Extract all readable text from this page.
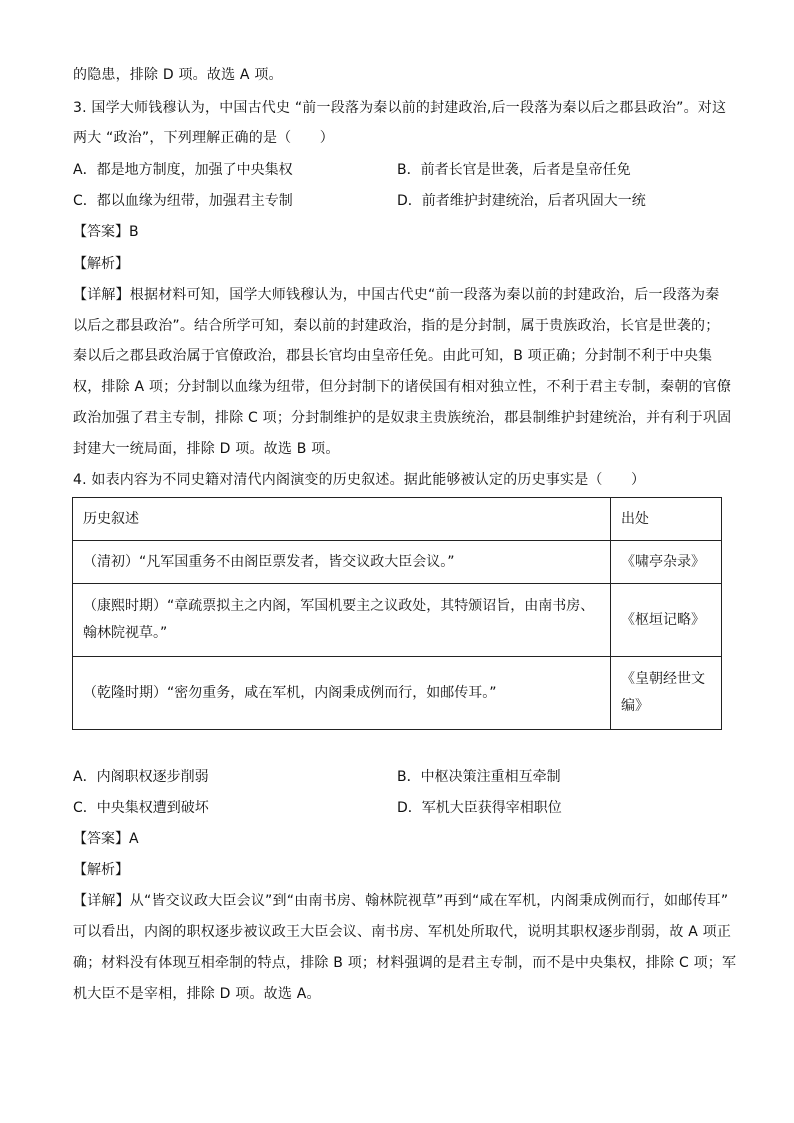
的隐患，排除 D 项。故选 A 项。
3. 国学大师钱穆认为，中国古代史 “前一段落为秦以前的封建政治,后一段落为秦以后之郡县政治”。对这
两大 “政治”，下列理解正确的是（　　）
A．都是地方制度，加强了中央集权	B．前者长官是世袭，后者是皇帝任免
C．都以血缘为纽带，加强君主专制	D．前者维护封建统治，后者巩固大一统
【答案】B
【解析】
【详解】根据材料可知，国学大师钱穆认为，中国古代史“前一段落为秦以前的封建政治，后一段落为秦
以后之郡县政治”。结合所学可知，秦以前的封建政治，指的是分封制，属于贵族政治，长官是世袭的；
秦以后之郡县政治属于官僚政治，郡县长官均由皇帝任免。由此可知，B 项正确；分封制不利于中央集
权，排除 A 项；分封制以血缘为纽带，但分封制下的诸侯国有相对独立性，不利于君主专制，秦朝的官僚
政治加强了君主专制，排除 C 项；分封制维护的是奴隶主贵族统治，郡县制维护封建统治，并有利于巩固
封建大一统局面，排除 D 项。故选 B 项。
4. 如表内容为不同史籍对清代内阁演变的历史叙述。据此能够被认定的历史事实是（　　）
历史叙述	出处
（清初）“凡军国重务不由阁臣票发者，皆交议政大臣会议。”	《啸亭杂录》
（康熙时期）“章疏票拟主之内阁，军国机要主之议政处，其特颁诏旨，由南书房、翰林院视草。”	《枢垣记略》
（乾隆时期）“密勿重务，咸在军机，内阁秉成例而行，如邮传耳。”	《皇朝经世文编》
A．内阁职权逐步削弱	B．中枢决策注重相互牵制
C．中央集权遭到破坏	D．军机大臣获得宰相职位
【答案】A
【解析】
【详解】从“皆交议政大臣会议”到“由南书房、翰林院视草”再到“咸在军机，内阁秉成例而行，如邮传耳”
可以看出，内阁的职权逐步被议政王大臣会议、南书房、军机处所取代，说明其职权逐步削弱，故 A 项正
确；材料没有体现互相牵制的特点，排除 B 项；材料强调的是君主专制，而不是中央集权，排除 C 项；军
机大臣不是宰相，排除 D 项。故选 A。
